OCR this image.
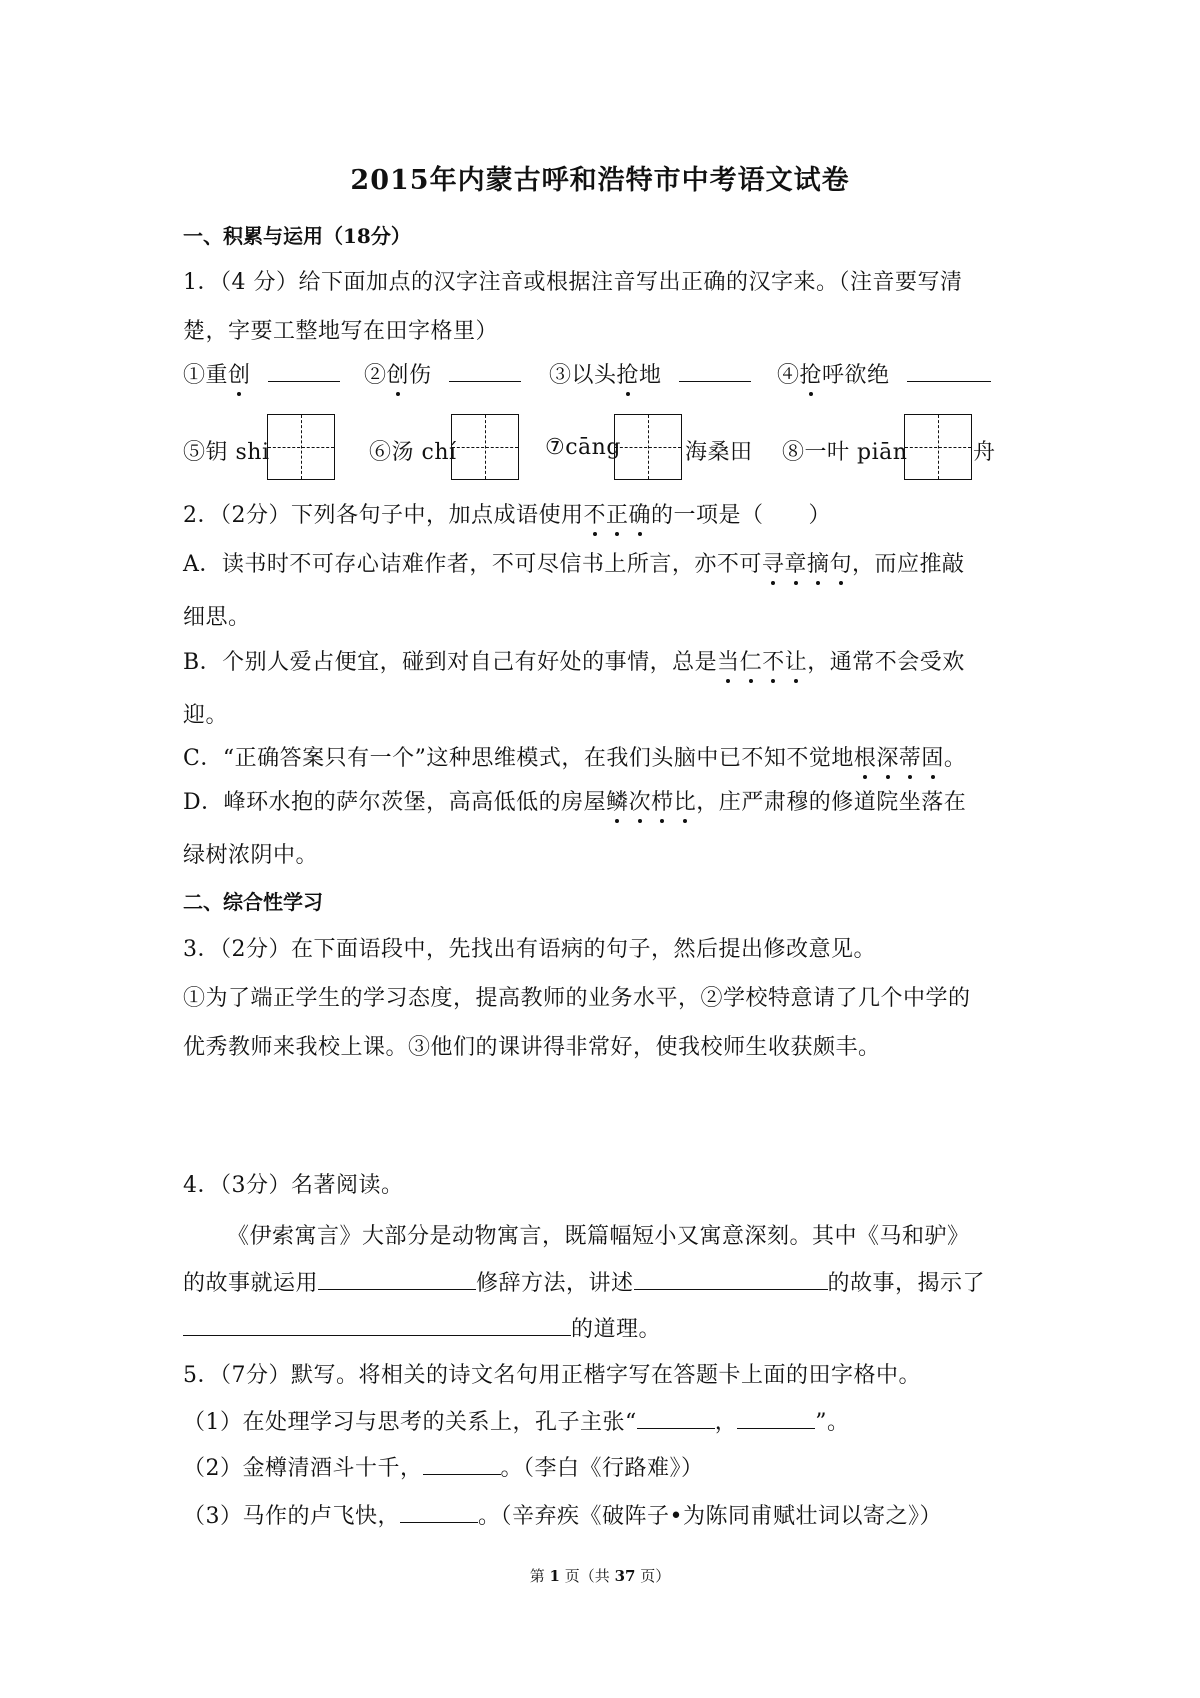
2015年内蒙古呼和浩特市中考语文试卷
一、积累与运用（18分）
1．（4 分）给下面加点的汉字注音或根据注音写出正确的汉字来。（注音要写清
楚，字要工整地写在田字格里）
①重创	②创伤	③以头抢地	④抢呼欲绝
⑤钥 shi	⑥汤 chí	⑦cāng	海桑田 ⑧一叶 piān	舟
2．（2分）下列各句子中，加点成语使用不正确的一项是（　　）
A．读书时不可存心诘难作者，不可尽信书上所言，亦不可寻章摘句，而应推敲
细思。
B．个别人爱占便宜，碰到对自己有好处的事情，总是当仁不让，通常不会受欢
迎。
C．“正确答案只有一个”这种思维模式，在我们头脑中已不知不觉地根深蒂固。
D．峰环水抱的萨尔茨堡，高高低低的房屋鳞次栉比，庄严肃穆的修道院坐落在
绿树浓阴中。
二、综合性学习
3．（2分）在下面语段中，先找出有语病的句子，然后提出修改意见。
①为了端正学生的学习态度，提高教师的业务水平，②学校特意请了几个中学的
优秀教师来我校上课。③他们的课讲得非常好，使我校师生收获颇丰。
4．（3分）名著阅读。
《伊索寓言》大部分是动物寓言，既篇幅短小又寓意深刻。其中《马和驴》
的故事就运用	修辞方法，讲述	的故事，揭示了
的道理。
5．（7分）默写。将相关的诗文名句用正楷字写在答题卡上面的田字格中。
（1）在处理学习与思考的关系上，孔子主张“	，	”。
（2）金樽清酒斗十千，	。（李白《行路难》）
（3）马作的卢飞快，	。（辛弃疾《破阵子•为陈同甫赋壮词以寄之》）
第 1 页（共 37 页）
